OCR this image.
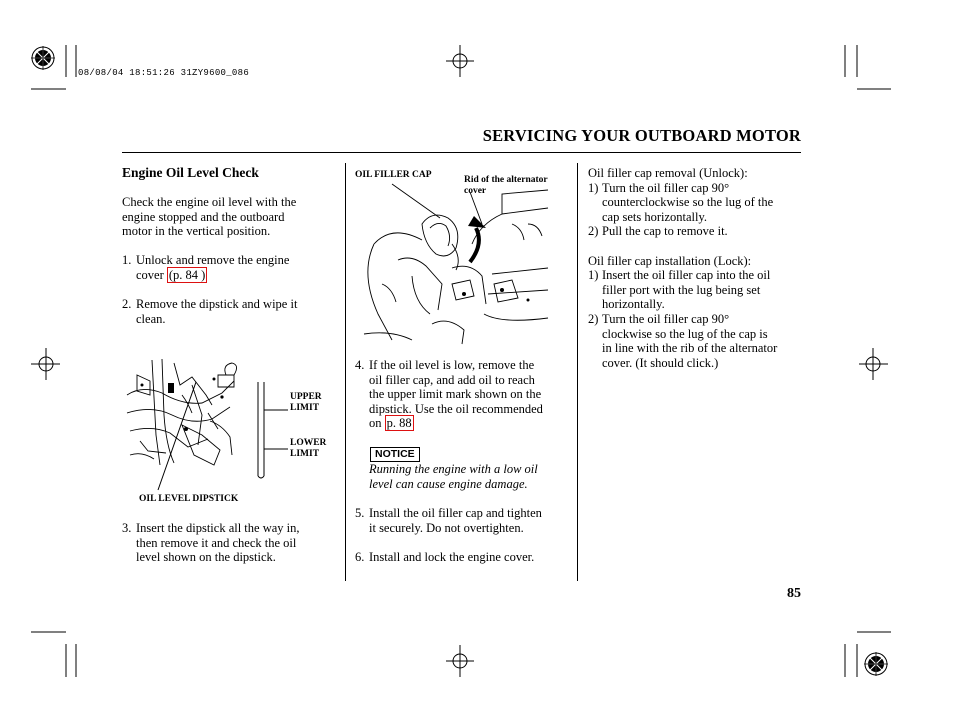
08/08/04 18:51:26 31ZY9600_086
SERVICING YOUR OUTBOARD MOTOR
Engine Oil Level Check
Check the engine oil level with the
engine stopped and the outboard
motor in the vertical position.
1. Unlock and remove the engine
cover (p. 84 )
2. Remove the dipstick and wipe it
clean.
UPPER
LIMIT
LOWER
LIMIT
OIL LEVEL DIPSTICK
3. Insert the dipstick all the way in,
then remove it and check the oil
level shown on the dipstick.
OIL FILLER CAP	Rid of the alternator
cover
4. If the oil level is low, remove the
oil filler cap, and add oil to reach
the upper limit mark shown on the
dipstick. Use the oil recommended
on p. 88
NOTICE
Running the engine with a low oil
level can cause engine damage.
5. Install the oil filler cap and tighten
it securely. Do not overtighten.
6. Install and lock the engine cover.
Oil filler cap removal (Unlock):
1) Turn the oil filler cap 90°
counterclockwise so the lug of the
cap sets horizontally.
2) Pull the cap to remove it.
Oil filler cap installation (Lock):
1) Insert the oil filler cap into the oil
filler port with the lug being set
horizontally.
2) Turn the oil filler cap 90°
clockwise so the lug of the cap is
in line with the rib of the alternator
cover. (It should click.)
85
